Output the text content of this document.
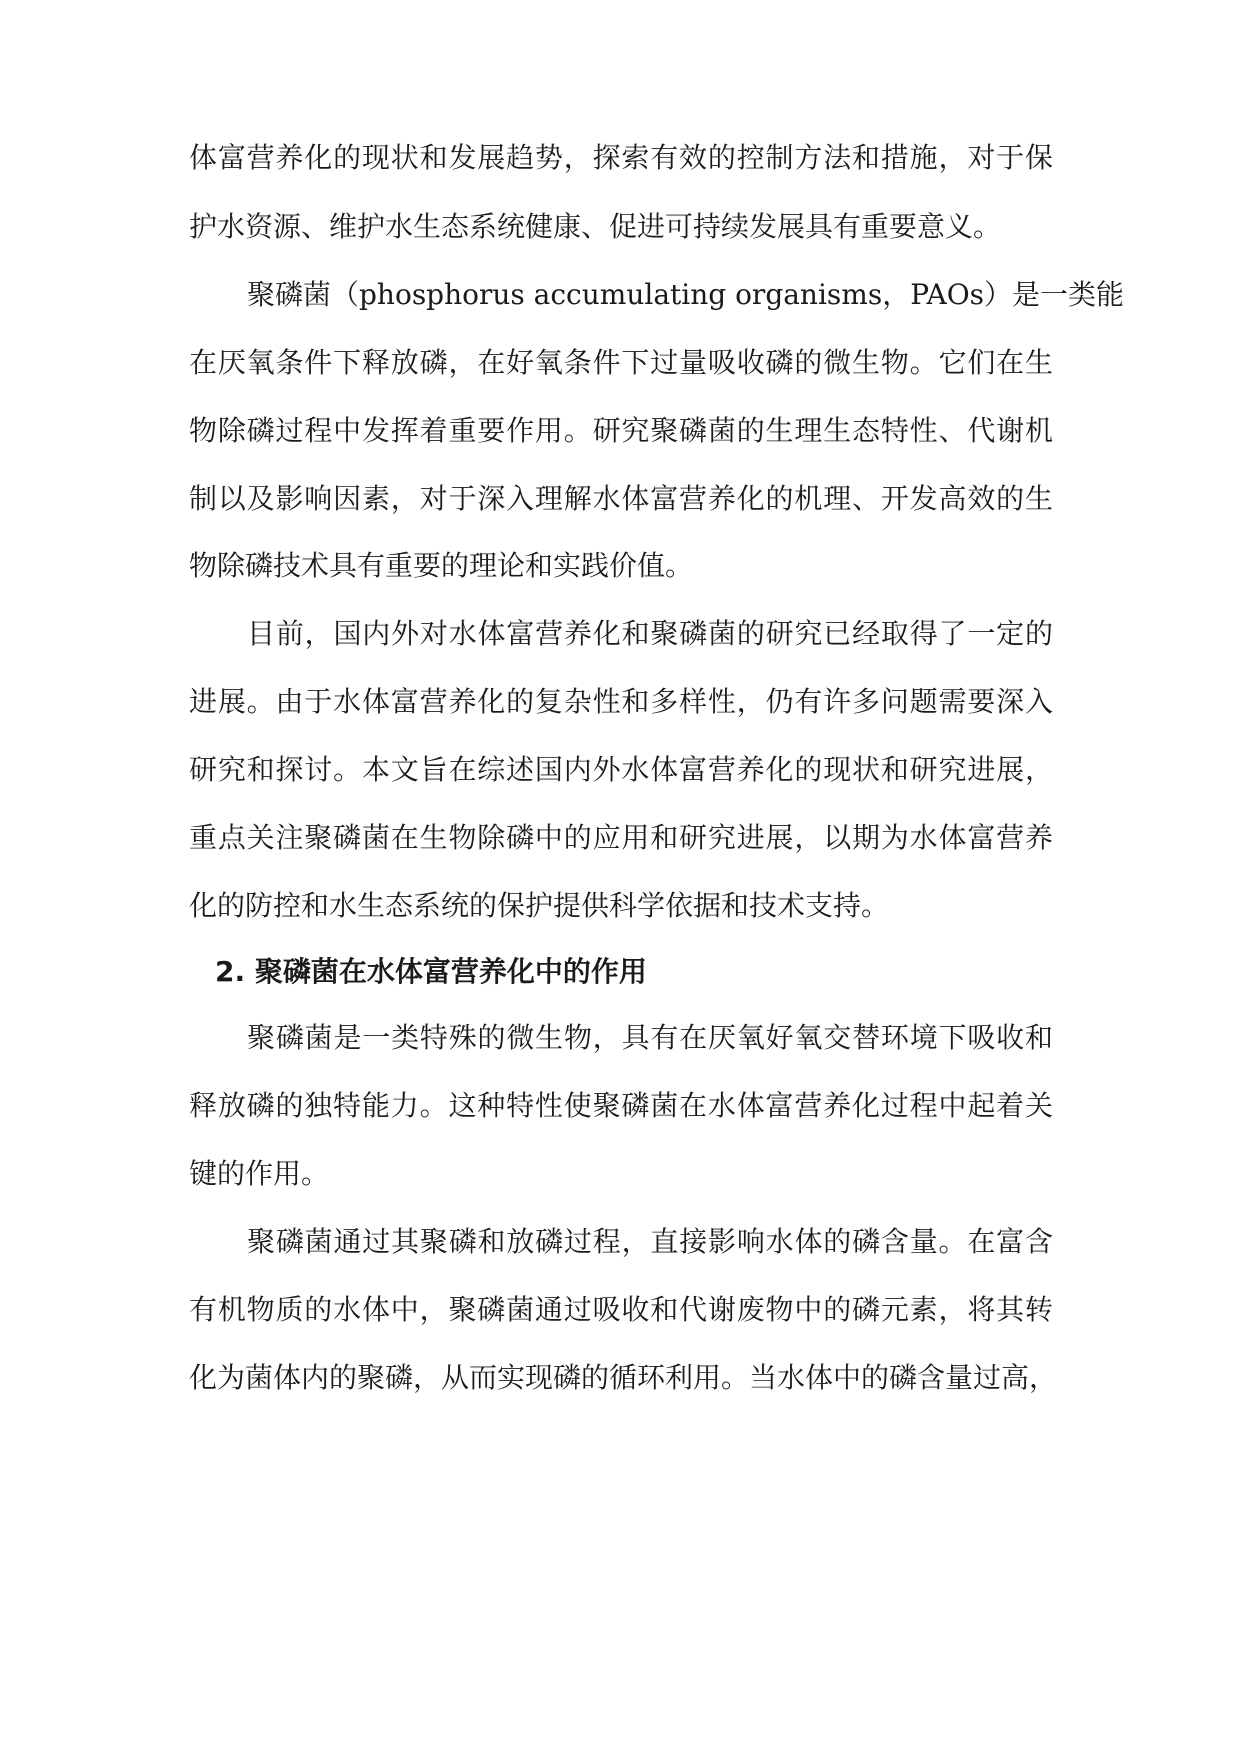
体富营养化的现状和发展趋势，探索有效的控制方法和措施，对于保
护水资源、维护水生态系统健康、促进可持续发展具有重要意义。
聚磷菌（phosphorus accumulating organisms，PAOs）是一类能
在厌氧条件下释放磷，在好氧条件下过量吸收磷的微生物。它们在生
物除磷过程中发挥着重要作用。研究聚磷菌的生理生态特性、代谢机
制以及影响因素，对于深入理解水体富营养化的机理、开发高效的生
物除磷技术具有重要的理论和实践价值。
目前，国内外对水体富营养化和聚磷菌的研究已经取得了一定的
进展。由于水体富营养化的复杂性和多样性，仍有许多问题需要深入
研究和探讨。本文旨在综述国内外水体富营养化的现状和研究进展，
重点关注聚磷菌在生物除磷中的应用和研究进展，以期为水体富营养
化的防控和水生态系统的保护提供科学依据和技术支持。
2. 聚磷菌在水体富营养化中的作用
聚磷菌是一类特殊的微生物，具有在厌氧好氧交替环境下吸收和
释放磷的独特能力。这种特性使聚磷菌在水体富营养化过程中起着关
键的作用。
聚磷菌通过其聚磷和放磷过程，直接影响水体的磷含量。在富含
有机物质的水体中，聚磷菌通过吸收和代谢废物中的磷元素，将其转
化为菌体内的聚磷，从而实现磷的循环利用。当水体中的磷含量过高，
